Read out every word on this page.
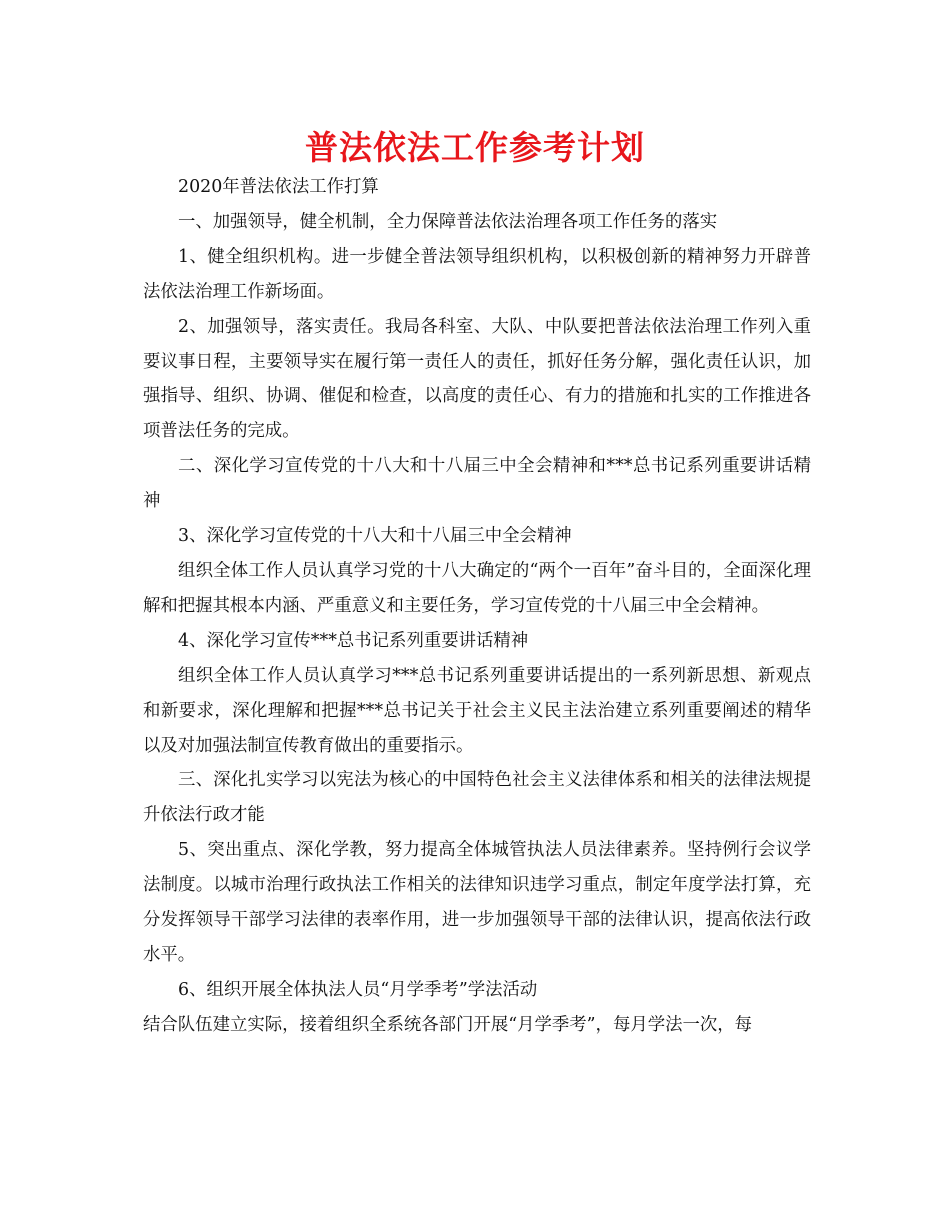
普法依法工作参考计划

2020年普法依法工作打算

一、加强领导，健全机制，全力保障普法依法治理各项工作任务的落实

1、健全组织机构。进一步健全普法领导组织机构，以积极创新的精神努力开辟普法依法治理工作新场面。

2、加强领导，落实责任。我局各科室、大队、中队要把普法依法治理工作列入重要议事日程，主要领导实在履行第一责任人的责任，抓好任务分解，强化责任认识，加强指导、组织、协调、催促和检查，以高度的责任心、有力的措施和扎实的工作推进各项普法任务的完成。

二、深化学习宣传党的十八大和十八届三中全会精神和***总书记系列重要讲话精神

3、深化学习宣传党的十八大和十八届三中全会精神

组织全体工作人员认真学习党的十八大确定的“两个一百年”奋斗目的，全面深化理解和把握其根本内涵、严重意义和主要任务，学习宣传党的十八届三中全会精神。

4、深化学习宣传***总书记系列重要讲话精神

组织全体工作人员认真学习***总书记系列重要讲话提出的一系列新思想、新观点和新要求，深化理解和把握***总书记关于社会主义民主法治建立系列重要阐述的精华以及对加强法制宣传教育做出的重要指示。

三、深化扎实学习以宪法为核心的中国特色社会主义法律体系和相关的法律法规提升依法行政才能

5、突出重点、深化学教，努力提高全体城管执法人员法律素养。坚持例行会议学法制度。以城市治理行政执法工作相关的法律知识违学习重点，制定年度学法打算，充分发挥领导干部学习法律的表率作用，进一步加强领导干部的法律认识，提高依法行政水平。

6、组织开展全体执法人员“月学季考”学法活动

结合队伍建立实际，接着组织全系统各部门开展“月学季考”，每月学法一次，每
